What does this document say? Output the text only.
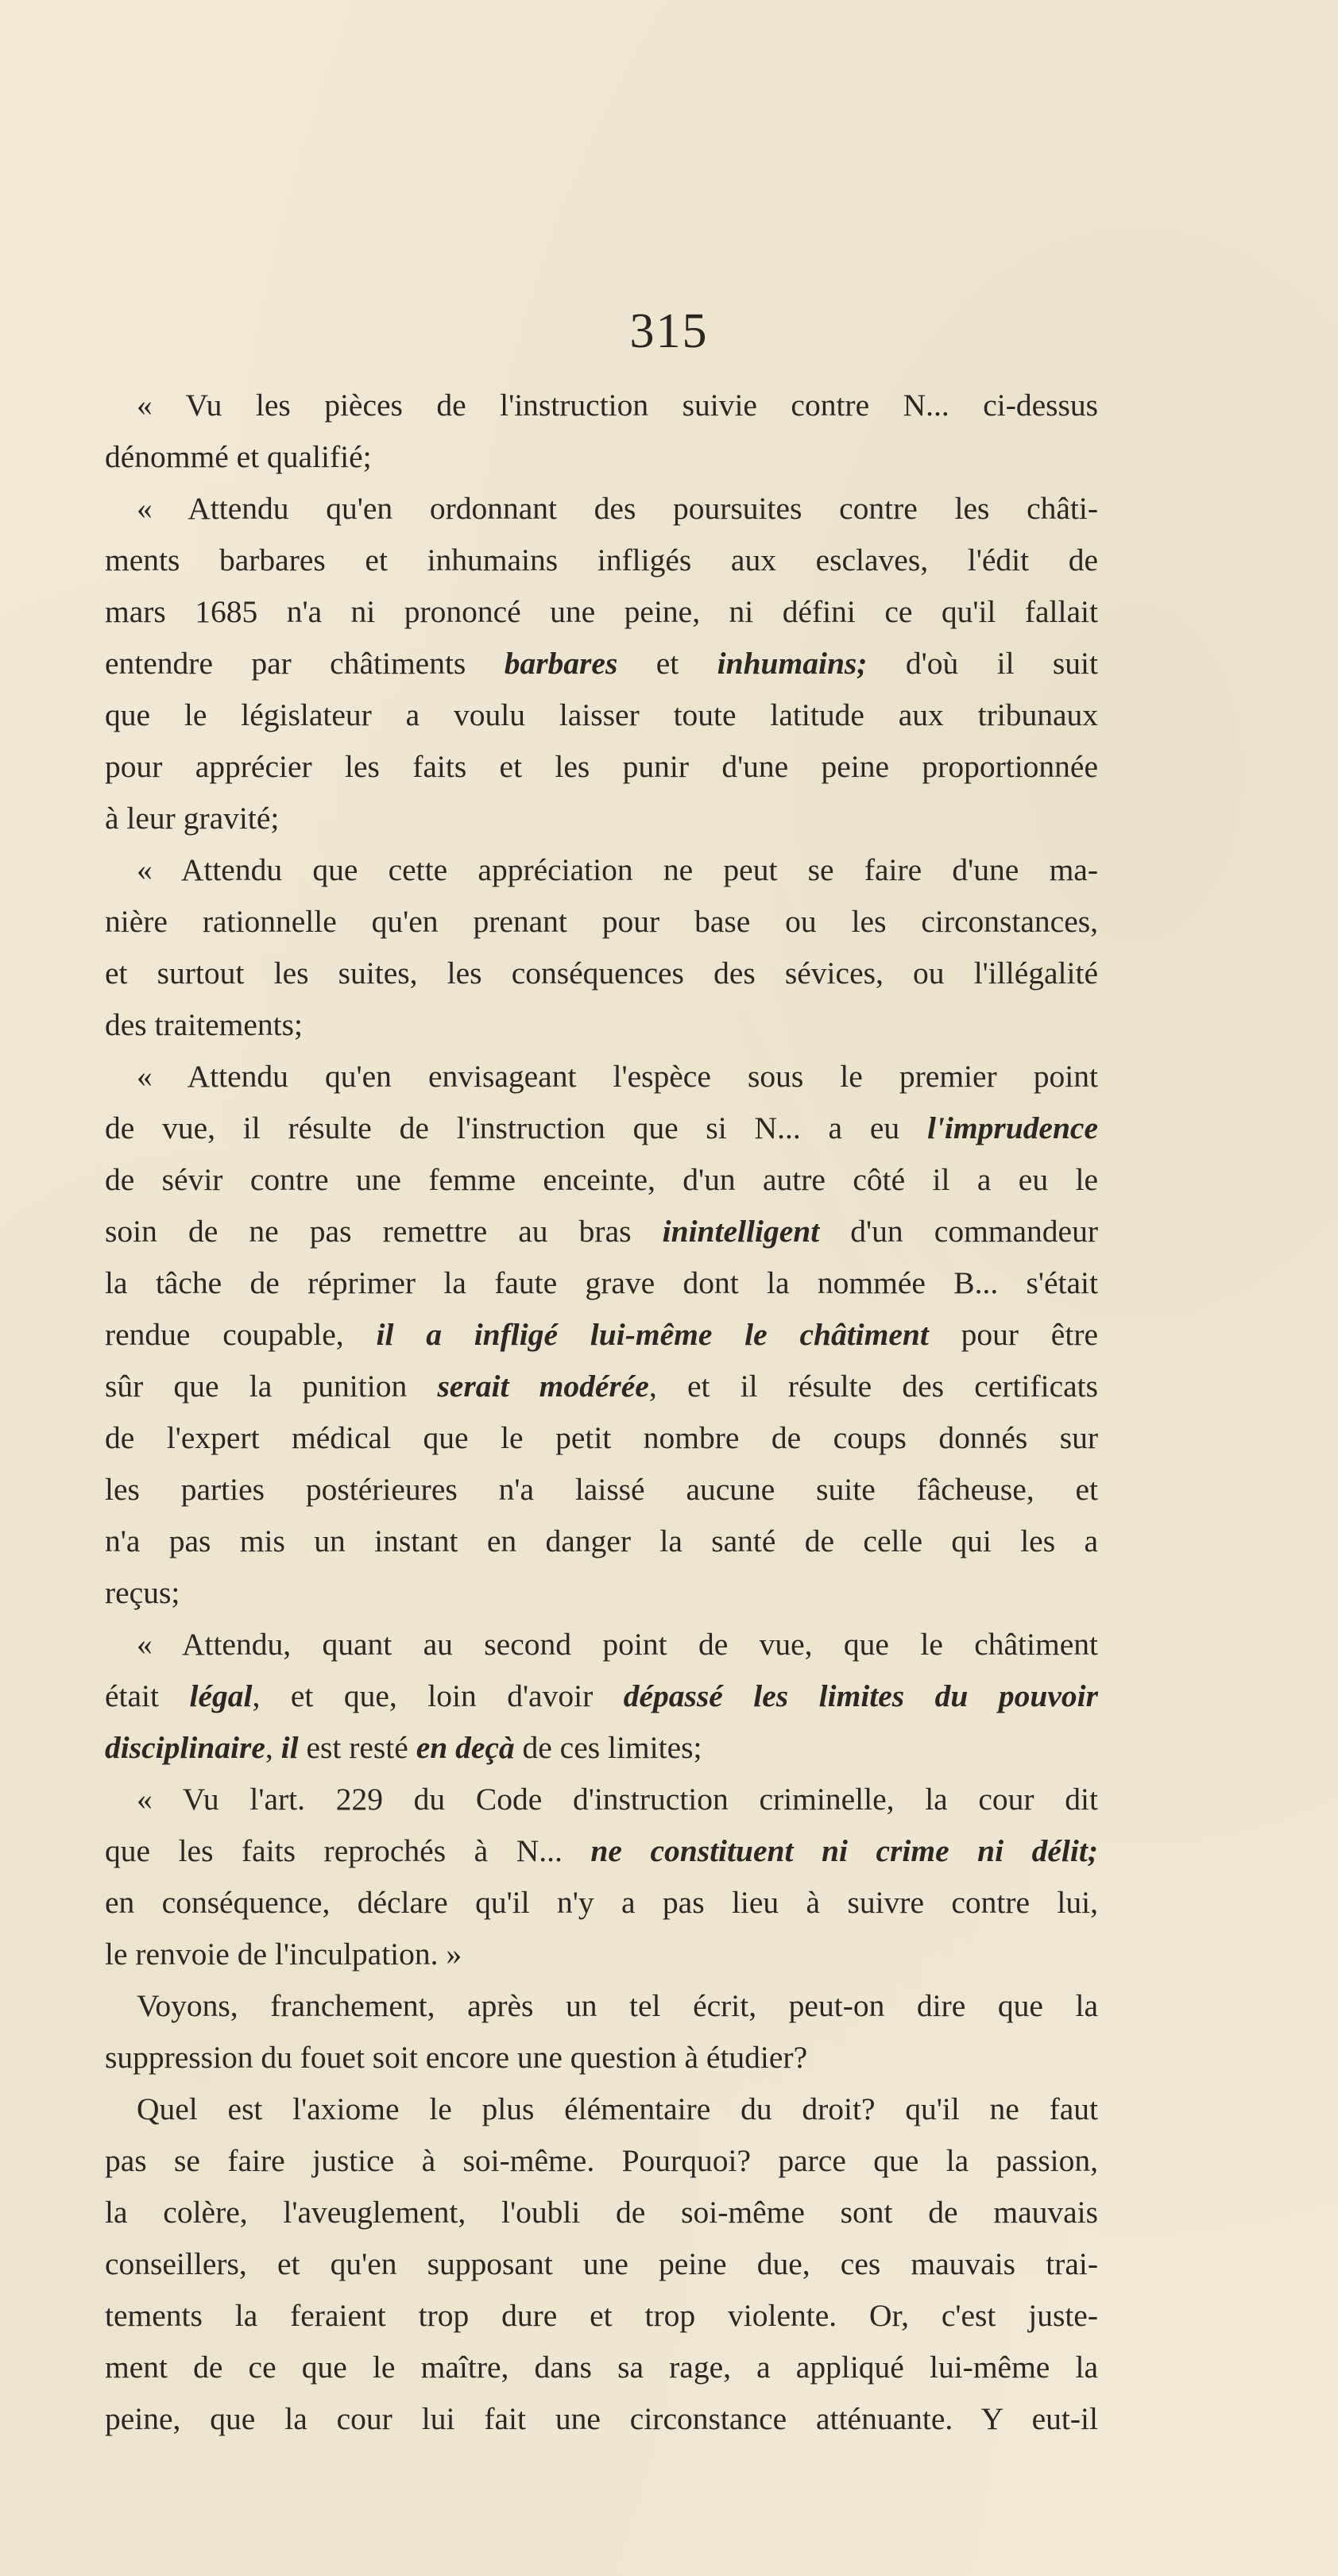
315
« Vu les pièces de l'instruction suivie contre N... ci-dessus
dénommé et qualifié;
« Attendu qu'en ordonnant des poursuites contre les châti-
ments barbares et inhumains infligés aux esclaves, l'édit de
mars 1685 n'a ni prononcé une peine, ni défini ce qu'il fallait
entendre par châtiments barbares et inhumains; d'où il suit
que le législateur a voulu laisser toute latitude aux tribunaux
pour apprécier les faits et les punir d'une peine proportionnée
à leur gravité;
« Attendu que cette appréciation ne peut se faire d'une ma-
nière rationnelle qu'en prenant pour base ou les circonstances,
et surtout les suites, les conséquences des sévices, ou l'illégalité
des traitements;
« Attendu qu'en envisageant l'espèce sous le premier point
de vue, il résulte de l'instruction que si N... a eu l'imprudence
de sévir contre une femme enceinte, d'un autre côté il a eu le
soin de ne pas remettre au bras inintelligent d'un commandeur
la tâche de réprimer la faute grave dont la nommée B... s'était
rendue coupable, il a infligé lui-même le châtiment pour être
sûr que la punition serait modérée, et il résulte des certificats
de l'expert médical que le petit nombre de coups donnés sur
les parties postérieures n'a laissé aucune suite fâcheuse, et
n'a pas mis un instant en danger la santé de celle qui les a
reçus;
« Attendu, quant au second point de vue, que le châtiment
était légal, et que, loin d'avoir dépassé les limites du pouvoir
disciplinaire, il est resté en deçà de ces limites;
« Vu l'art. 229 du Code d'instruction criminelle, la cour dit
que les faits reprochés à N... ne constituent ni crime ni délit;
en conséquence, déclare qu'il n'y a pas lieu à suivre contre lui,
le renvoie de l'inculpation. »
Voyons, franchement, après un tel écrit, peut-on dire que la
suppression du fouet soit encore une question à étudier?
Quel est l'axiome le plus élémentaire du droit? qu'il ne faut
pas se faire justice à soi-même. Pourquoi? parce que la passion,
la colère, l'aveuglement, l'oubli de soi-même sont de mauvais
conseillers, et qu'en supposant une peine due, ces mauvais trai-
tements la feraient trop dure et trop violente. Or, c'est juste-
ment de ce que le maître, dans sa rage, a appliqué lui-même la
peine, que la cour lui fait une circonstance atténuante. Y eut-il
